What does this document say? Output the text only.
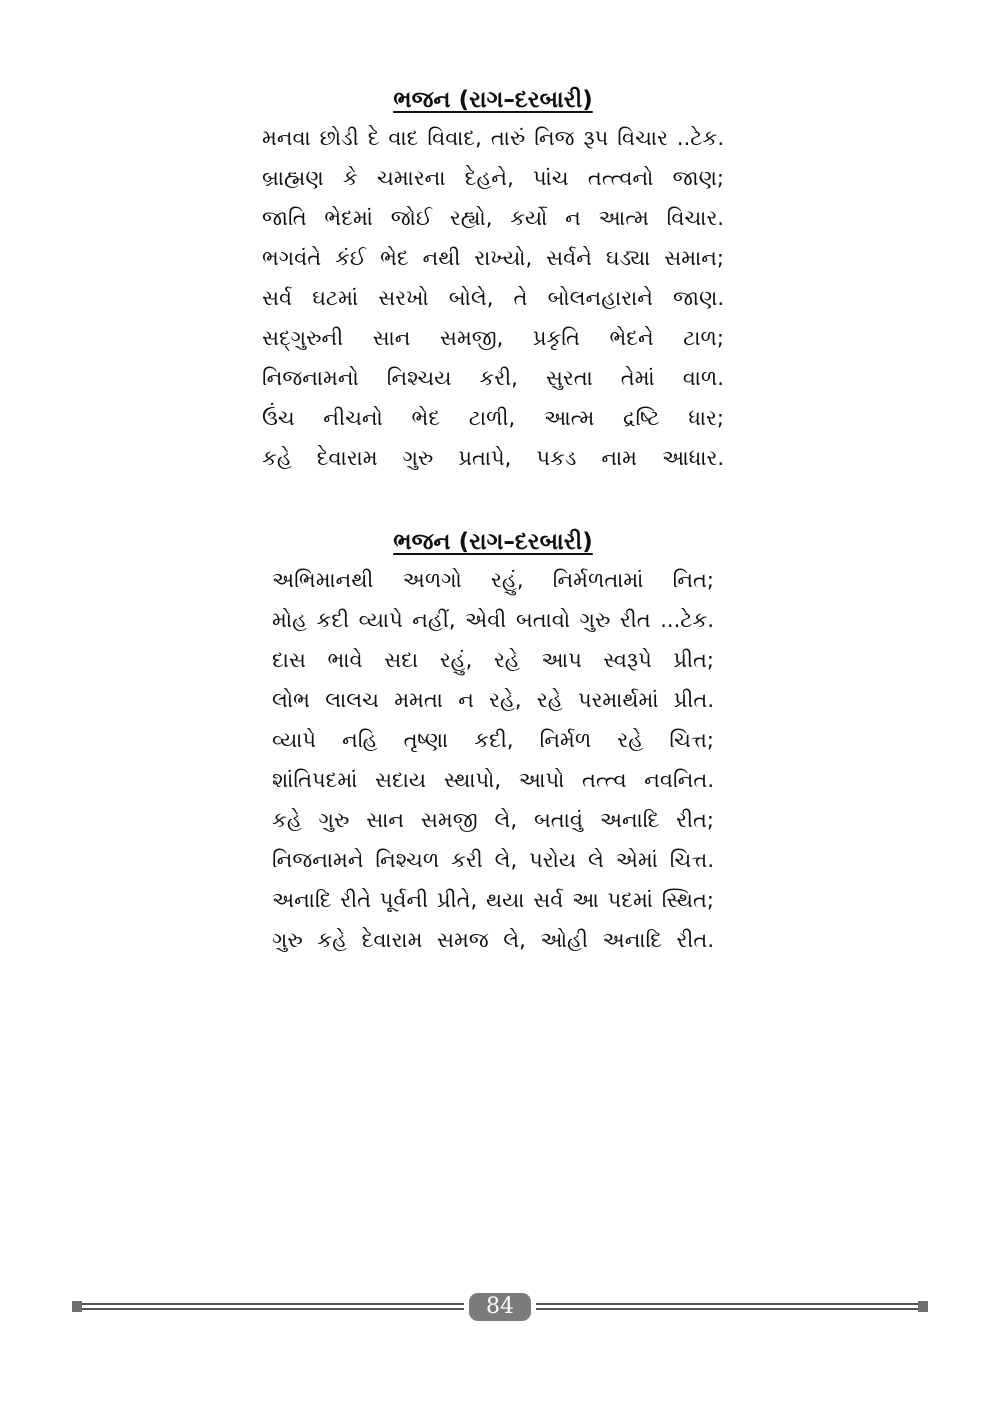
ભજન (રાગ–દરબારી)
મનવા છોડી દે વાદ વિવાદ, તારું નિજ રૂપ વિચાર ..ટેક.
બ્રાહ્મણ કે ચમારના દેહને, પાંચ તત્ત્વનો જાણ;
જાતિ ભેદમાં જોઈ રહ્યો, કર્યો ન આત્મ વિચાર.
ભગવંતે કંઈ ભેદ નથી રાખ્યો, સર્વને ઘડ્યા સમાન;
સર્વ ઘટમાં સરખો બોલે, તે બોલનહારાને જાણ.
સદ્‌ગુરુની સાન સમજી, પ્રકૃતિ ભેદને ટાળ;
નિજનામનો નિશ્ચય કરી, સુરતા તેમાં વાળ.
ઉંચ નીચનો ભેદ ટાળી, આત્મ દ્રષ્ટિ ધાર;
કહે દેવારામ ગુરુ પ્રતાપે, પકડ નામ આધાર.
ભજન (રાગ–દરબારી)
અભિમાનથી અળગો રહું, નિર્મળતામાં નિત;
મોહ કદી વ્યાપે નહીં, એવી બતાવો ગુરુ રીત ...ટેક.
દાસ ભાવે સદા રહું, રહે આપ સ્વરૂપે પ્રીત;
લોભ લાલચ મમતા ન રહે, રહે પરમાર્થમાં પ્રીત.
વ્યાપે નહિ તૃષ્ણા કદી, નિર્મળ રહે ચિત્ત;
શાંતિપદમાં સદાય સ્થાપો, આપો તત્ત્વ નવનિત.
કહે ગુરુ સાન સમજી લે, બતાવું અનાદિ રીત;
નિજનામને નિશ્ચળ કરી લે, પરોય લે એમાં ચિત્ત.
અનાદિ રીતે પૂર્વની પ્રીતે, થયા સર્વ આ પદમાં સ્થિત;
ગુરુ કહે દેવારામ સમજ લે, ઓહી અનાદિ રીત.
84
